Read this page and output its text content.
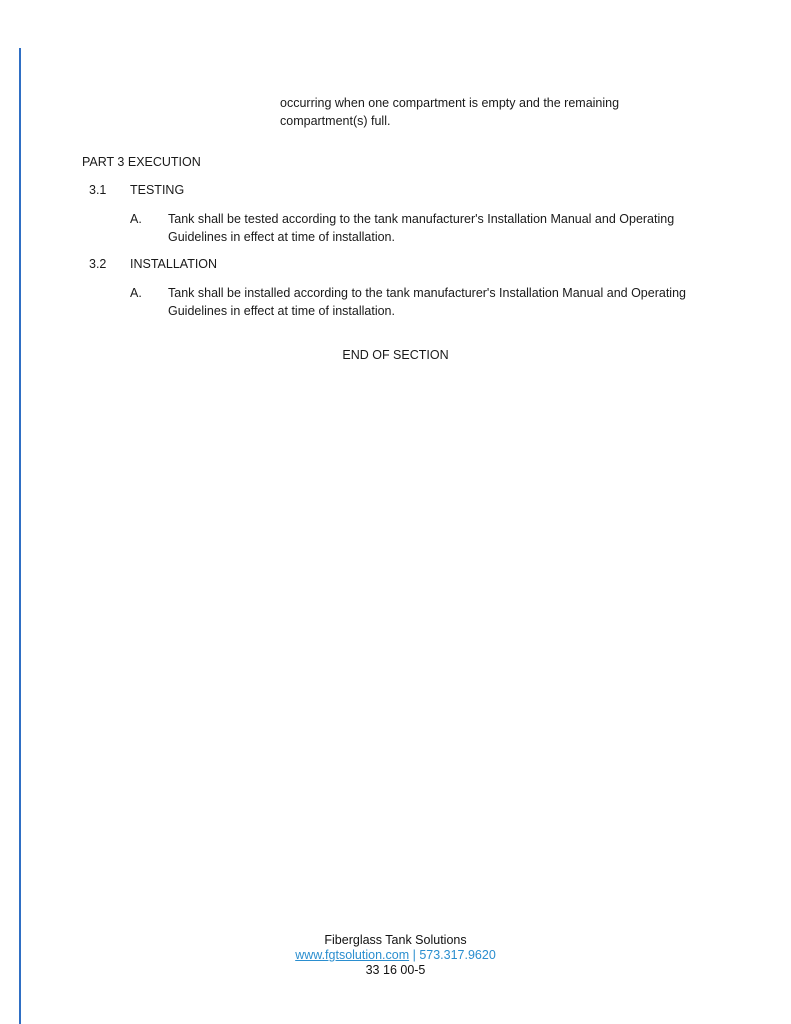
occurring when one compartment is empty and the remaining
compartment(s) full.
PART 3 EXECUTION
3.1 TESTING
A. Tank shall be tested according to the tank manufacturer's Installation Manual and Operating
Guidelines in effect at time of installation.
3.2 INSTALLATION
A. Tank shall be installed according to the tank manufacturer's Installation Manual and Operating
Guidelines in effect at time of installation.
END OF SECTION
Fiberglass Tank Solutions
www.fgtsolution.com | 573.317.9620
33 16 00-5
